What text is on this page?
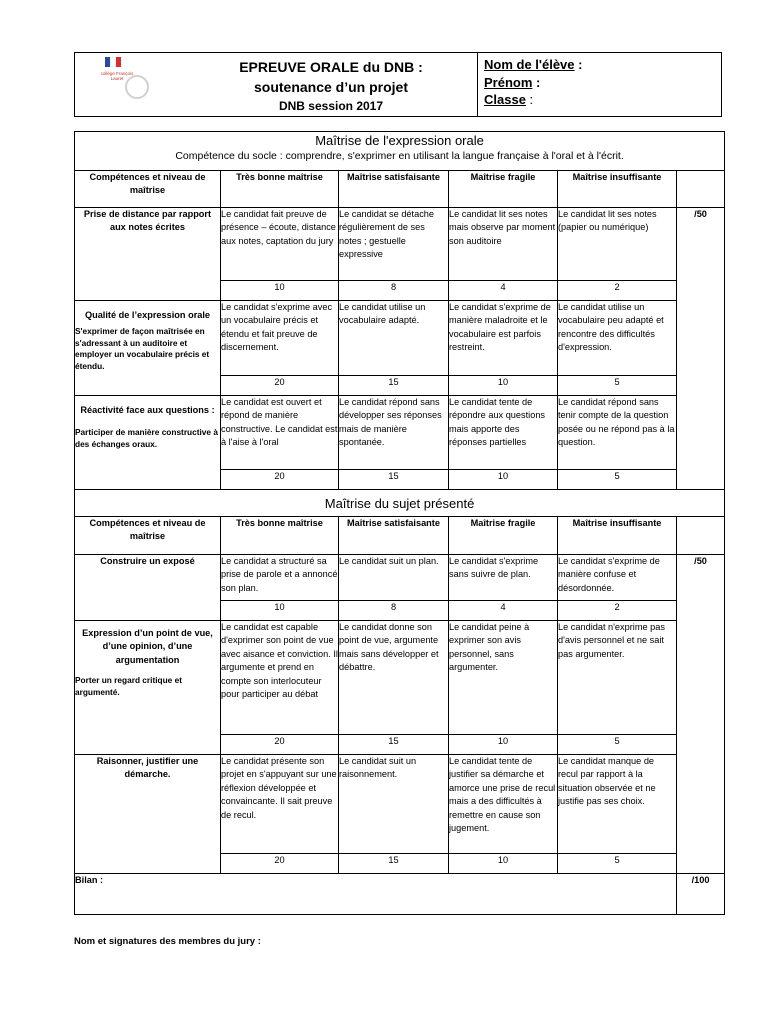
collège François Lauret
EPREUVE ORALE du DNB :
soutenance d’un projet
DNB session 2017
Nom de l'élève :
Prénom :
Classe :
Maîtrise de l'expression orale
Compétence du socle : comprendre, s'exprimer en utilisant la langue française à l'oral et à l'écrit.					

Compétences et niveau de maîtrise	Très bonne maîtrise	Maîtrise satisfaisante	Maîtrise fragile	Maîtrise insuffisante	
Prise de distance par rapport aux notes écrites	Le candidat fait preuve de présence – écoute, distance aux notes, captation du jury	Le candidat se détache régulièrement de ses notes ; gestuelle expressive	Le candidat lit ses notes mais observe par moment son auditoire	Le candidat lit ses notes (papier ou numérique)	/50
	10	8	4	2	
Qualité de l’expression orale
S'exprimer de façon maîtrisée en s'adressant à un auditoire et employer un vocabulaire précis et étendu.	Le candidat s'exprime avec un vocabulaire précis et étendu et fait preuve de discernement.	Le candidat utilise un vocabulaire adapté.	Le candidat s'exprime de manière maladroite et le vocabulaire est parfois restreint.	Le candidat utilise un vocabulaire peu adapté et rencontre des difficultés d'expression.	
	20	15	10	5	
Réactivité face aux questions :
Participer de manière constructive à des échanges oraux.	Le candidat est ouvert et répond de manière constructive. Le candidat est à l'aise à l'oral	Le candidat répond sans développer ses réponses mais de manière spontanée.	Le candidat tente de répondre aux questions mais apporte des réponses partielles	Le candidat répond sans tenir compte de la question posée ou ne répond pas à la question.	
	20	15	10	5	

Maîtrise du sujet présenté					

Compétences et niveau de maîtrise	Très bonne maîtrise	Maîtrise satisfaisante	Maîtrise fragile	Maîtrise insuffisante	
Construire un exposé	Le candidat a structuré sa prise de parole et a annoncé son plan.	Le candidat suit un plan.	Le candidat s'exprime sans suivre de plan.	Le candidat s'exprime de manière confuse et désordonnée.	/50
	10	8	4	2	
Expression d’un point de vue, d’une opinion, d’une argumentation
Porter un regard critique et argumenté.	Le candidat est capable d'exprimer son point de vue avec aisance et conviction. Il argumente et prend en compte son interlocuteur pour participer au débat	Le candidat donne son point de vue, argumente mais sans développer et débattre.	Le candidat peine à exprimer son avis personnel, sans argumenter.	Le candidat n'exprime pas d'avis personnel et ne sait pas argumenter.	
	20	15	10	5	
Raisonner, justifier une démarche.	Le candidat présente son projet en s'appuyant sur une réflexion développée et convaincante. Il sait preuve de recul.	Le candidat suit un raisonnement.	Le candidat tente de justifier sa démarche et amorce une prise de recul mais a des difficultés à remettre en cause son jugement.	Le candidat manque de recul par rapport à la situation observée et ne justifie pas ses choix.	
	20	15	10	5	
Bilan :					/100
Nom et signatures des membres du jury :
